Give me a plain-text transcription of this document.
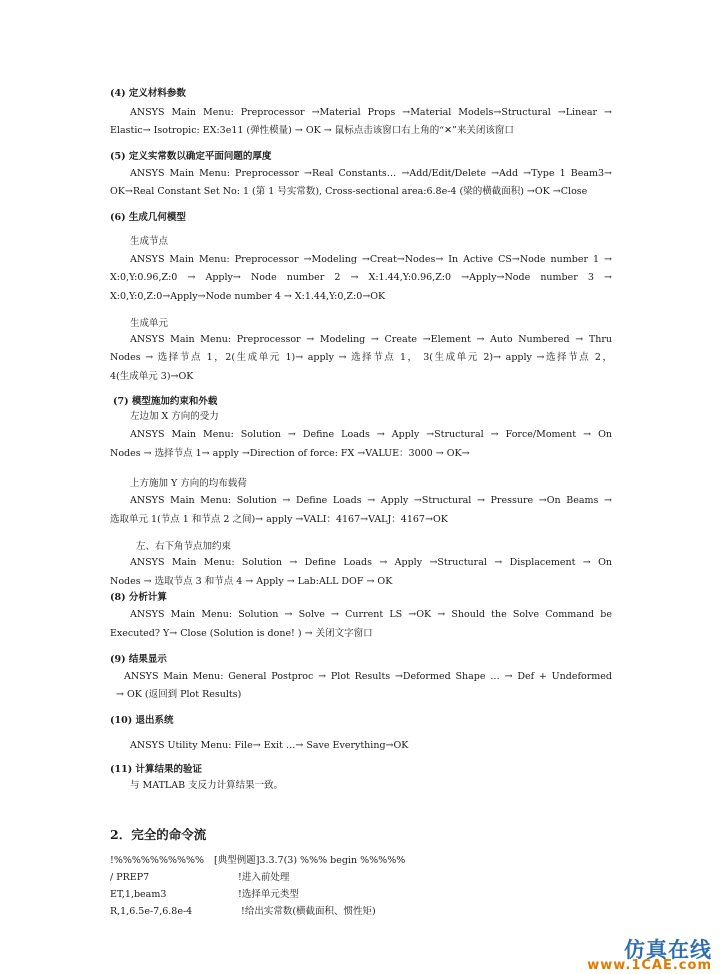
(4) 定义材料参数
ANSYS Main Menu: Preprocessor →Material Props →Material Models→Structural →Linear →
Elastic→ Isotropic: EX:3e11 (弹性模量) → OK → 鼠标点击该窗口右上角的“✕”来关闭该窗口
(5) 定义实常数以确定平面问题的厚度
ANSYS Main Menu: Preprocessor →Real Constants… →Add/Edit/Delete →Add →Type 1 Beam3→
OK→Real Constant Set No: 1 (第 1 号实常数), Cross-sectional area:6.8e-4 (梁的横截面积) →OK →Close
(6) 生成几何模型
生成节点
ANSYS Main Menu: Preprocessor →Modeling →Creat→Nodes→ In Active CS→Node number 1 →
X:0,Y:0.96,Z:0 → Apply→ Node number 2 → X:1.44,Y:0.96,Z:0 →Apply→Node number 3 →
X:0,Y:0,Z:0→Apply→Node number 4 → X:1.44,Y:0,Z:0→OK
生成单元
ANSYS Main Menu: Preprocessor → Modeling → Create →Element → Auto Numbered → Thru
Nodes → 选择节点 1，2(生成单元 1)→ apply → 选择节点 1， 3(生成单元 2)→ apply →选择节点 2，
4(生成单元 3)→OK
(7) 模型施加约束和外载
左边加 X 方向的受力
ANSYS Main Menu: Solution → Define Loads → Apply →Structural → Force/Moment → On
Nodes → 选择节点 1→ apply →Direction of force: FX →VALUE：3000 → OK→
上方施加 Y 方向的均布载荷
ANSYS Main Menu: Solution → Define Loads → Apply →Structural → Pressure →On Beams →
选取单元 1(节点 1 和节点 2 之间)→ apply →VALI：4167→VALJ：4167→OK
左、右下角节点加约束
ANSYS Main Menu: Solution → Define Loads → Apply →Structural → Displacement → On
Nodes → 选取节点 3 和节点 4 → Apply → Lab:ALL DOF → OK
(8) 分析计算
ANSYS Main Menu: Solution → Solve → Current LS →OK → Should the Solve Command be
Executed? Y→ Close (Solution is done! ) → 关闭文字窗口
(9) 结果显示
ANSYS Main Menu: General Postproc → Plot Results →Deformed Shape … → Def + Undeformed
→ OK (返回到 Plot Results)
(10) 退出系统
ANSYS Utility Menu: File→ Exit …→ Save Everything→OK
(11) 计算结果的验证
与 MATLAB 支反力计算结果一致。
2．完全的命令流
!%%%%%%%%%% [典型例题]3.3.7(3) %%% begin %%%%%
/ PREP7	!进入前处理
ET,1,beam3	!选择单元类型
R,1,6.5e-7,6.8e-4	!给出实常数(横截面积、惯性矩)
仿真在线
www.1CAE.com
